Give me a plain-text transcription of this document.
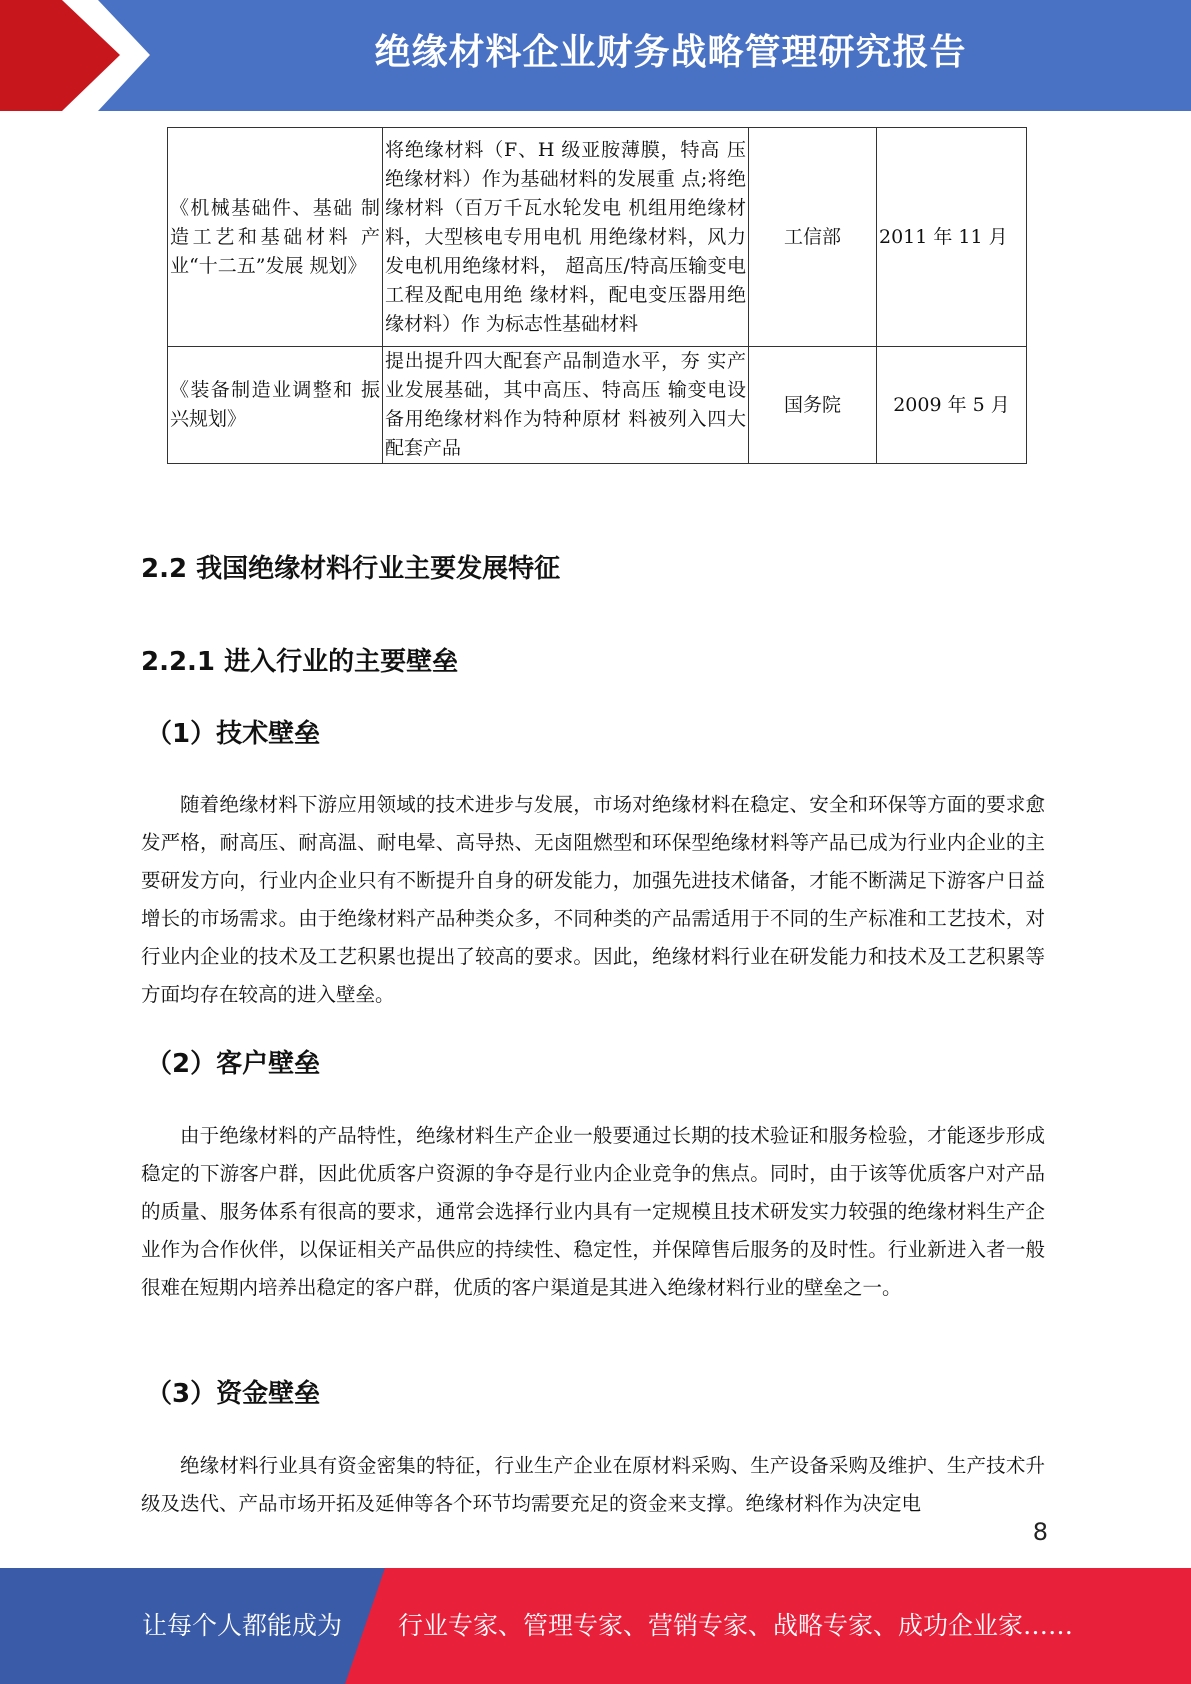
绝缘材料企业财务战略管理研究报告
《机械基础件、基础 制造工艺和基础材料 产业“十二五”发展 规划》	将绝缘材料（F、H 级亚胺薄膜，特高 压绝缘材料）作为基础材料的发展重 点;将绝缘材料（百万千瓦水轮发电 机组用绝缘材料，大型核电专用电机 用绝缘材料，风力发电机用绝缘材料， 超高压/特高压输变电工程及配电用绝 缘材料，配电变压器用绝缘材料）作 为标志性基础材料	工信部	2011 年 11 月
《装备制造业调整和 振兴规划》	提出提升四大配套产品制造水平，夯 实产业发展基础，其中高压、特高压 输变电设备用绝缘材料作为特种原材 料被列入四大配套产品	国务院	2009 年 5 月
2.2 我国绝缘材料行业主要发展特征
2.2.1 进入行业的主要壁垒
（1）技术壁垒

随着绝缘材料下游应用领域的技术进步与发展，市场对绝缘材料在稳定、安全和环保等方面的要求愈发严格，耐高压、耐高温、耐电晕、高导热、无卤阻燃型和环保型绝缘材料等产品已成为行业内企业的主要研发方向，行业内企业只有不断提升自身的研发能力，加强先进技术储备，才能不断满足下游客户日益增长的市场需求。由于绝缘材料产品种类众多，不同种类的产品需适用于不同的生产标准和工艺技术，对行业内企业的技术及工艺积累也提出了较高的要求。因此，绝缘材料行业在研发能力和技术及工艺积累等方面均存在较高的进入壁垒。

（2）客户壁垒

由于绝缘材料的产品特性，绝缘材料生产企业一般要通过长期的技术验证和服务检验，才能逐步形成稳定的下游客户群，因此优质客户资源的争夺是行业内企业竞争的焦点。同时，由于该等优质客户对产品的质量、服务体系有很高的要求，通常会选择行业内具有一定规模且技术研发实力较强的绝缘材料生产企业作为合作伙伴，以保证相关产品供应的持续性、稳定性，并保障售后服务的及时性。行业新进入者一般很难在短期内培养出稳定的客户群，优质的客户渠道是其进入绝缘材料行业的壁垒之一。

（3）资金壁垒

绝缘材料行业具有资金密集的特征，行业生产企业在原材料采购、生产设备采购及维护、生产技术升级及迭代、产品市场开拓及延伸等各个环节均需要充足的资金来支撑。绝缘材料作为决定电

8
让每个人都能成为 行业专家、管理专家、营销专家、战略专家、成功企业家……
